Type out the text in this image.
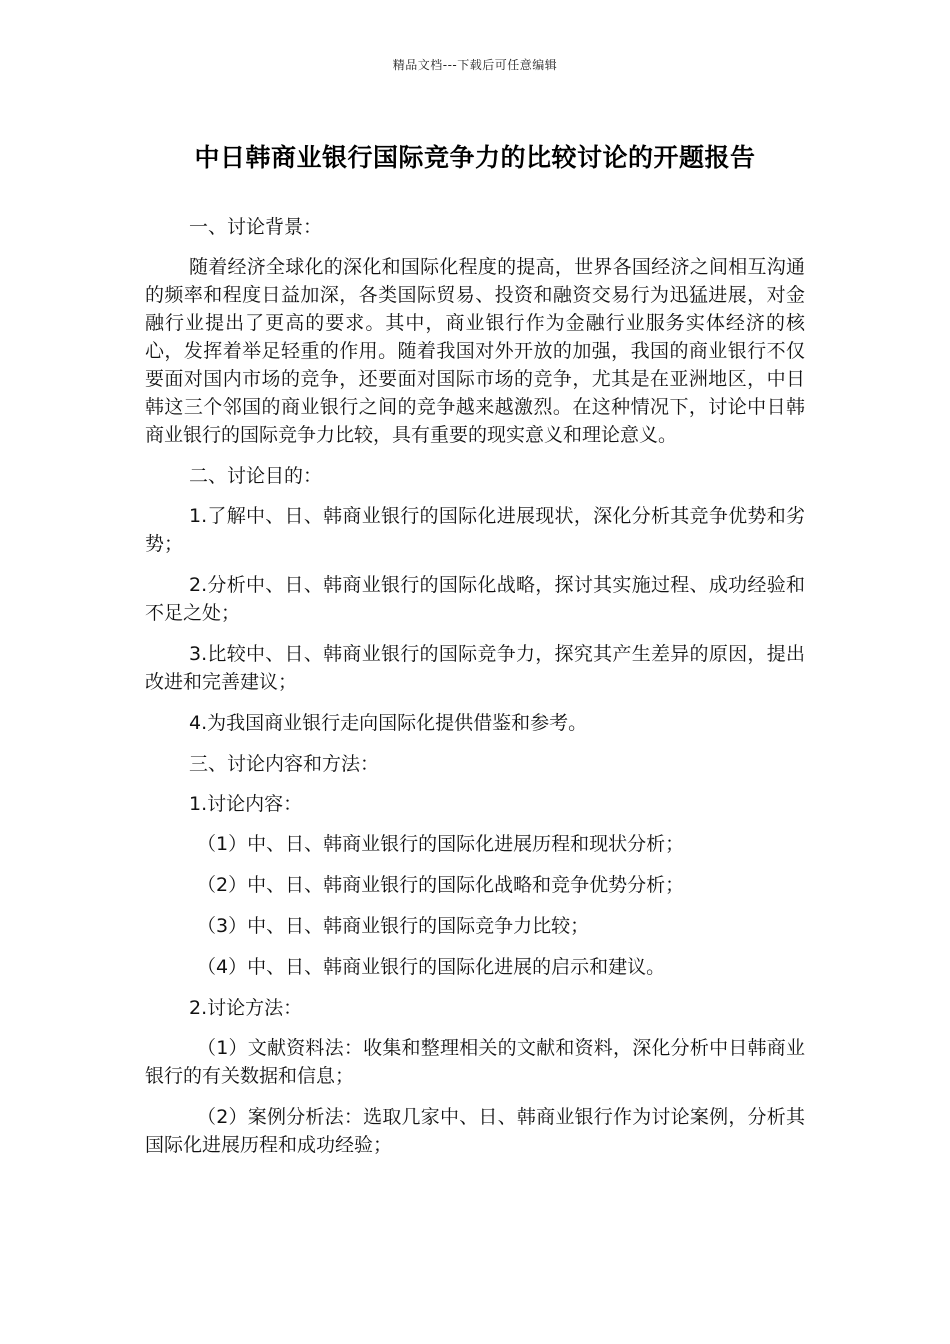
精品文档---下载后可任意编辑
中日韩商业银行国际竞争力的比较讨论的开题报告

一、讨论背景：

随着经济全球化的深化和国际化程度的提高，世界各国经济之间相互沟通的频率和程度日益加深，各类国际贸易、投资和融资交易行为迅猛进展，对金融行业提出了更高的要求。其中，商业银行作为金融行业服务实体经济的核心，发挥着举足轻重的作用。随着我国对外开放的加强，我国的商业银行不仅要面对国内市场的竞争，还要面对国际市场的竞争，尤其是在亚洲地区，中日韩这三个邻国的商业银行之间的竞争越来越激烈。在这种情况下，讨论中日韩商业银行的国际竞争力比较，具有重要的现实意义和理论意义。

二、讨论目的：

1.了解中、日、韩商业银行的国际化进展现状，深化分析其竞争优势和劣势；

2.分析中、日、韩商业银行的国际化战略，探讨其实施过程、成功经验和不足之处；

3.比较中、日、韩商业银行的国际竞争力，探究其产生差异的原因，提出改进和完善建议；

4.为我国商业银行走向国际化提供借鉴和参考。

三、讨论内容和方法：

1.讨论内容：

（1）中、日、韩商业银行的国际化进展历程和现状分析；

（2）中、日、韩商业银行的国际化战略和竞争优势分析；

（3）中、日、韩商业银行的国际竞争力比较；

（4）中、日、韩商业银行的国际化进展的启示和建议。

2.讨论方法：

（1）文献资料法：收集和整理相关的文献和资料，深化分析中日韩商业银行的有关数据和信息；

（2）案例分析法：选取几家中、日、韩商业银行作为讨论案例，分析其国际化进展历程和成功经验；
